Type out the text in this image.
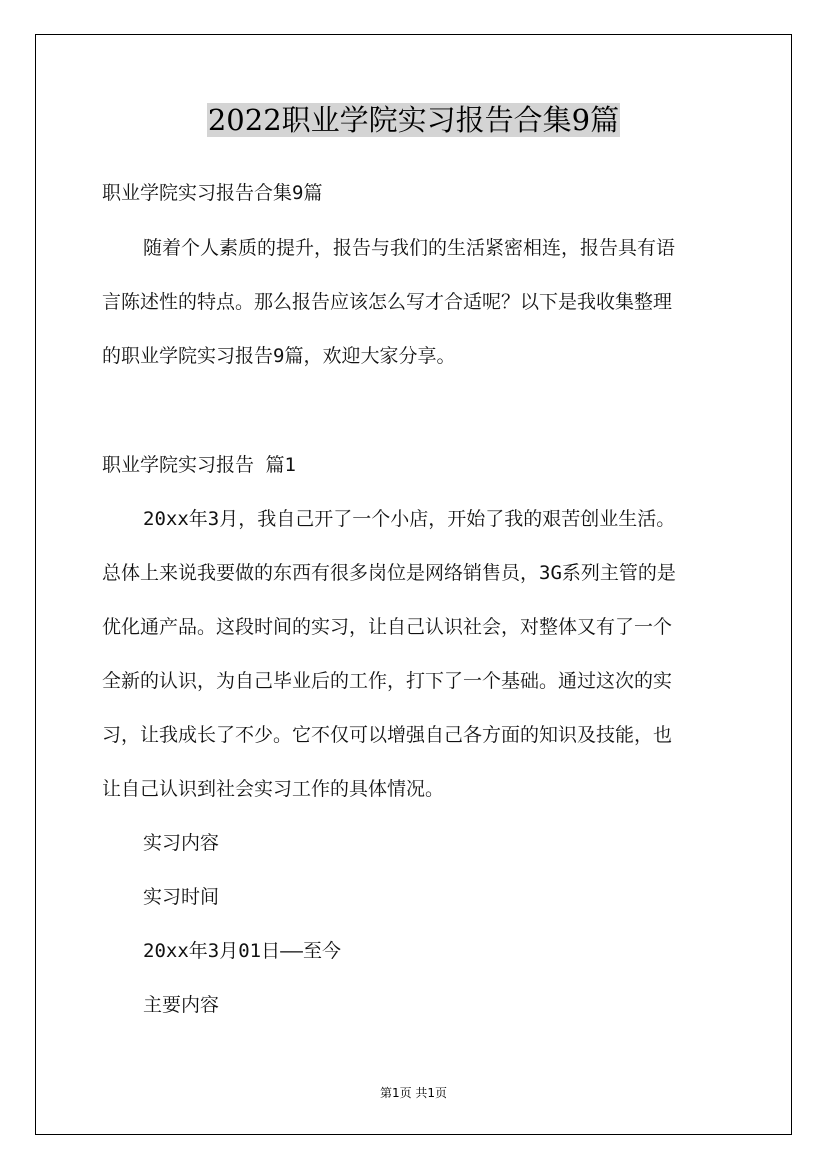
2022职业学院实习报告合集9篇
职业学院实习报告合集9篇
随着个人素质的提升，报告与我们的生活紧密相连，报告具有语
言陈述性的特点。那么报告应该怎么写才合适呢？以下是我收集整理
的职业学院实习报告9篇，欢迎大家分享。
职业学院实习报告 篇1
20xx年3月，我自己开了一个小店，开始了我的艰苦创业生活。
总体上来说我要做的东西有很多岗位是网络销售员，3G系列主管的是
优化通产品。这段时间的实习，让自己认识社会，对整体又有了一个
全新的认识，为自己毕业后的工作，打下了一个基础。通过这次的实
习，让我成长了不少。它不仅可以增强自己各方面的知识及技能，也
让自己认识到社会实习工作的具体情况。
实习内容
实习时间
20xx年3月01日——至今
主要内容
第1页 共1页
